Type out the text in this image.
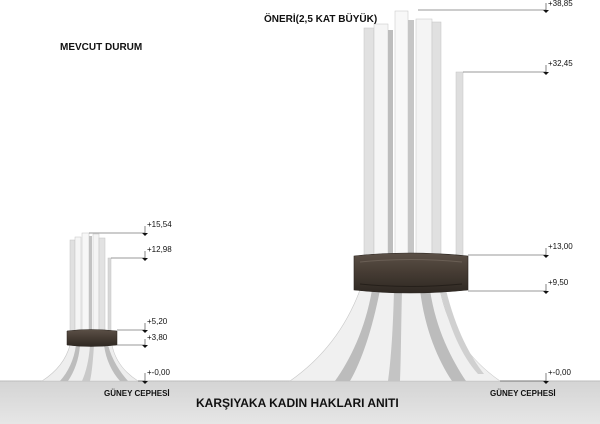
MEVCUT DURUM
ÖNERİ(2,5 KAT BÜYÜK)
+15,54
+12,98
+5,20
+3,80
+-0,00
+38,85
+32,45
+13,00
+9,50
+-0,00
GÜNEY CEPHESİ	GÜNEY CEPHESİ
KARŞIYAKA KADIN HAKLARI ANITI
